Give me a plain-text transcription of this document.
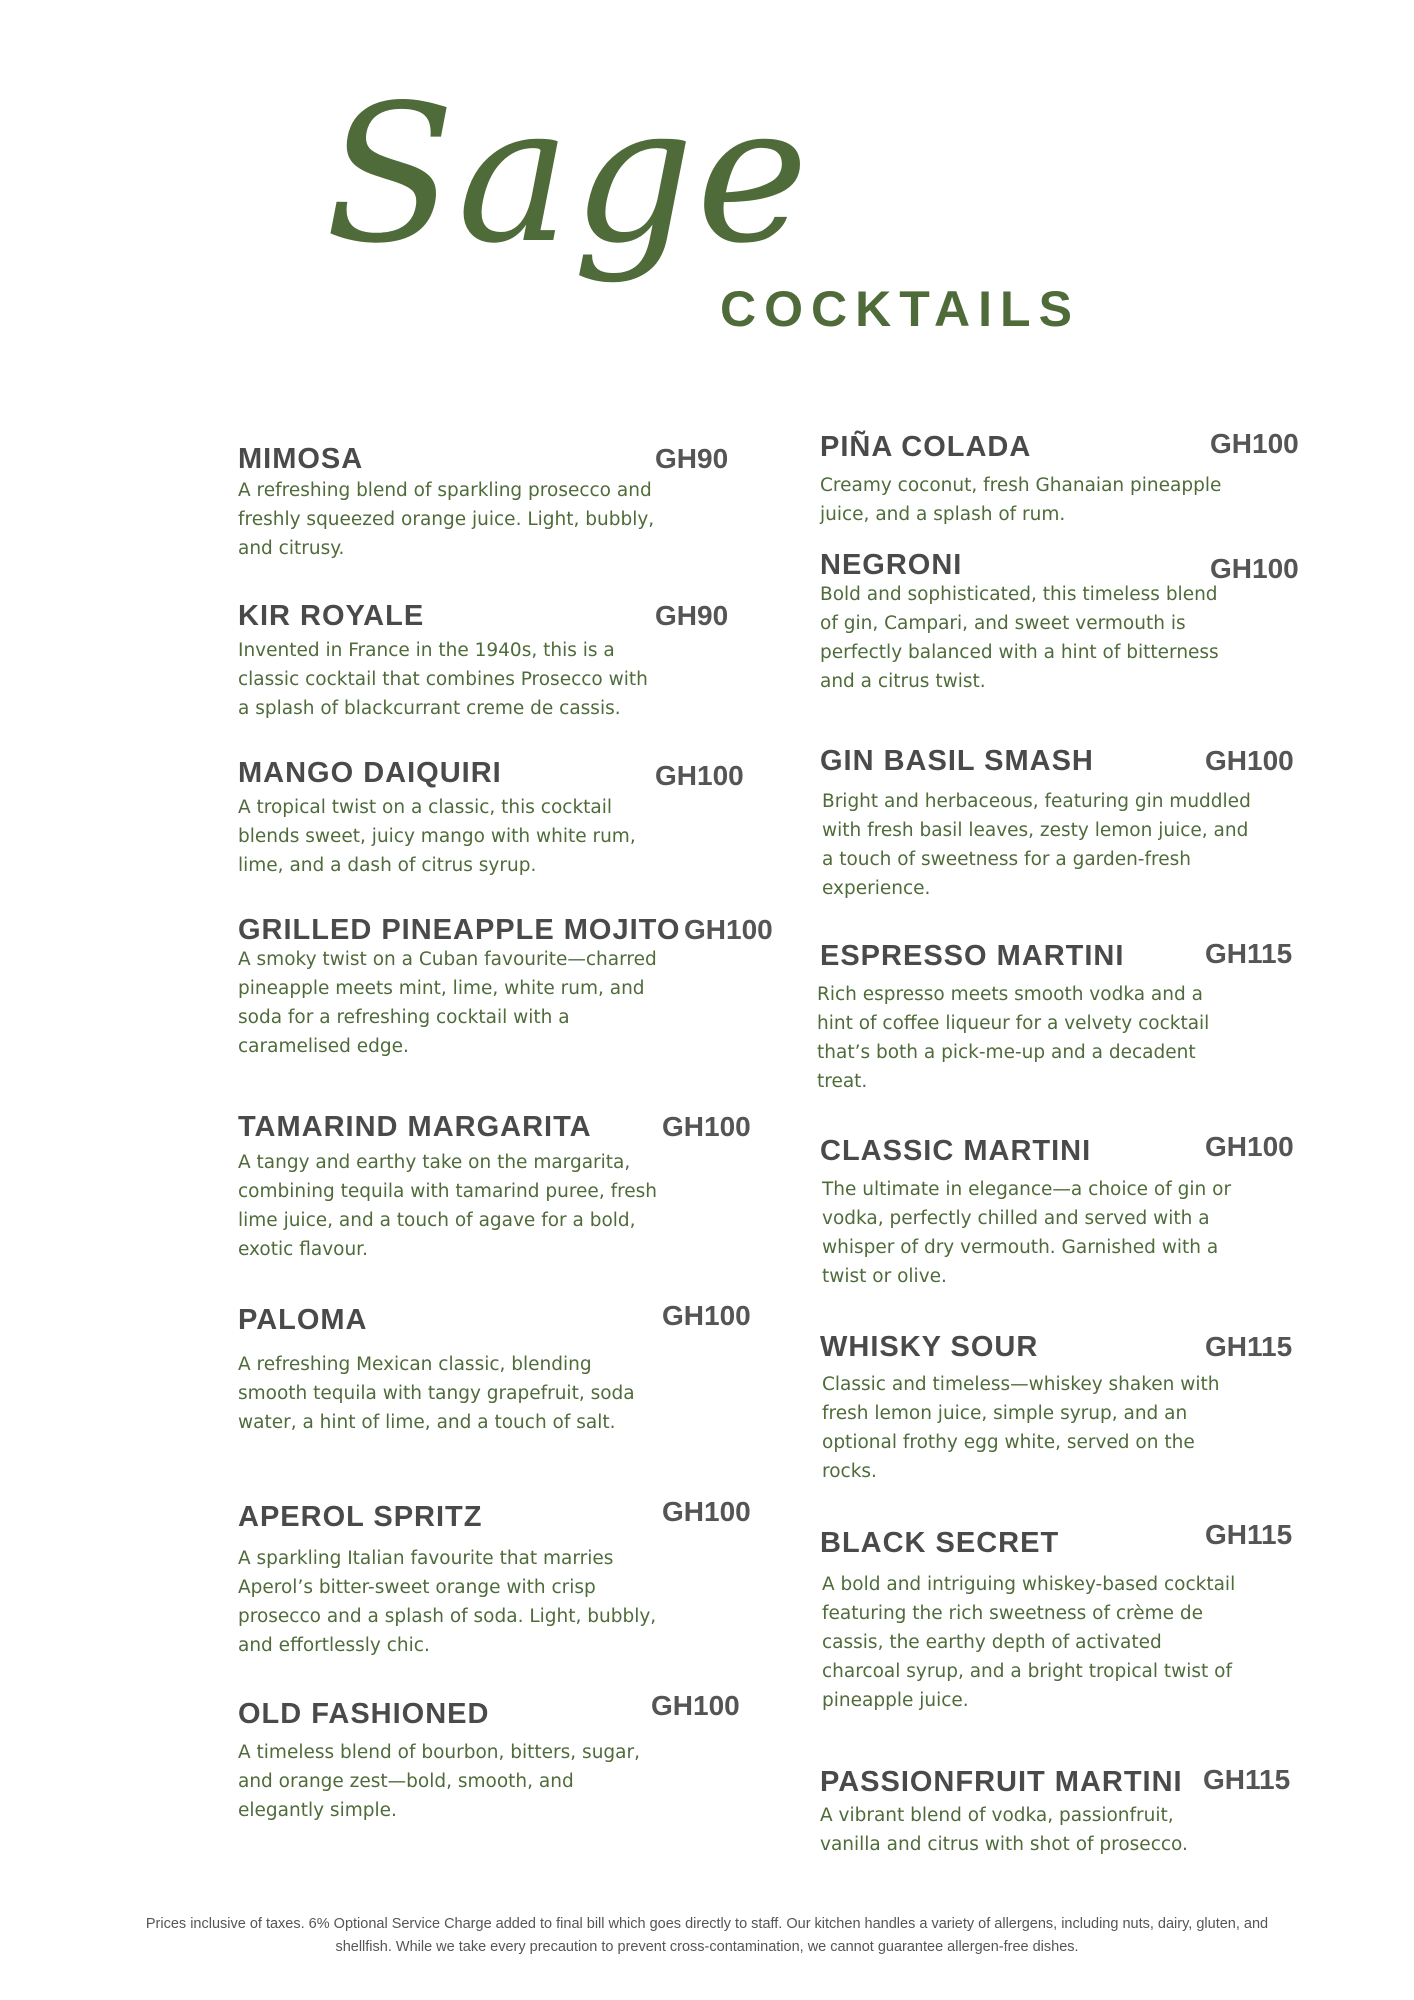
Sage
COCKTAILS
MIMOSA	GH90
A refreshing blend of sparkling prosecco and freshly squeezed orange juice. Light, bubbly, and citrusy.
KIR ROYALE	GH90
Invented in France in the 1940s, this is a classic cocktail that combines Prosecco with a splash of blackcurrant creme de cassis.
MANGO DAIQUIRI	GH100
A tropical twist on a classic, this cocktail blends sweet, juicy mango with white rum, lime, and a dash of citrus syrup.
GRILLED PINEAPPLE MOJITO GH100
A smoky twist on a Cuban favourite—charred pineapple meets mint, lime, white rum, and soda for a refreshing cocktail with a caramelised edge.
TAMARIND MARGARITA	GH100
A tangy and earthy take on the margarita, combining tequila with tamarind puree, fresh lime juice, and a touch of agave for a bold, exotic flavour.
PALOMA	GH100
A refreshing Mexican classic, blending smooth tequila with tangy grapefruit, soda water, a hint of lime, and a touch of salt.
APEROL SPRITZ	GH100
A sparkling Italian favourite that marries Aperol’s bitter-sweet orange with crisp prosecco and a splash of soda. Light, bubbly, and effortlessly chic.
OLD FASHIONED	GH100
A timeless blend of bourbon, bitters, sugar, and orange zest—bold, smooth, and elegantly simple.
PIÑA COLADA	GH100
Creamy coconut, fresh Ghanaian pineapple juice, and a splash of rum.
NEGRONI	GH100
Bold and sophisticated, this timeless blend of gin, Campari, and sweet vermouth is perfectly balanced with a hint of bitterness and a citrus twist.
GIN BASIL SMASH	GH100
Bright and herbaceous, featuring gin muddled with fresh basil leaves, zesty lemon juice, and a touch of sweetness for a garden-fresh experience.
ESPRESSO MARTINI	GH115
Rich espresso meets smooth vodka and a hint of coffee liqueur for a velvety cocktail that’s both a pick-me-up and a decadent treat.
CLASSIC MARTINI	GH100
The ultimate in elegance—a choice of gin or vodka, perfectly chilled and served with a whisper of dry vermouth. Garnished with a twist or olive.
WHISKY SOUR	GH115
Classic and timeless—whiskey shaken with fresh lemon juice, simple syrup, and an optional frothy egg white, served on the rocks.
BLACK SECRET	GH115
A bold and intriguing whiskey-based cocktail featuring the rich sweetness of crème de cassis, the earthy depth of activated charcoal syrup, and a bright tropical twist of pineapple juice.
PASSIONFRUIT MARTINI GH115
A vibrant blend of vodka, passionfruit, vanilla and citrus with shot of prosecco.
Prices inclusive of taxes. 6% Optional Service Charge added to final bill which goes directly to staff. Our kitchen handles a variety of allergens, including nuts, dairy, gluten, and shellfish. While we take every precaution to prevent cross-contamination, we cannot guarantee allergen-free dishes.
